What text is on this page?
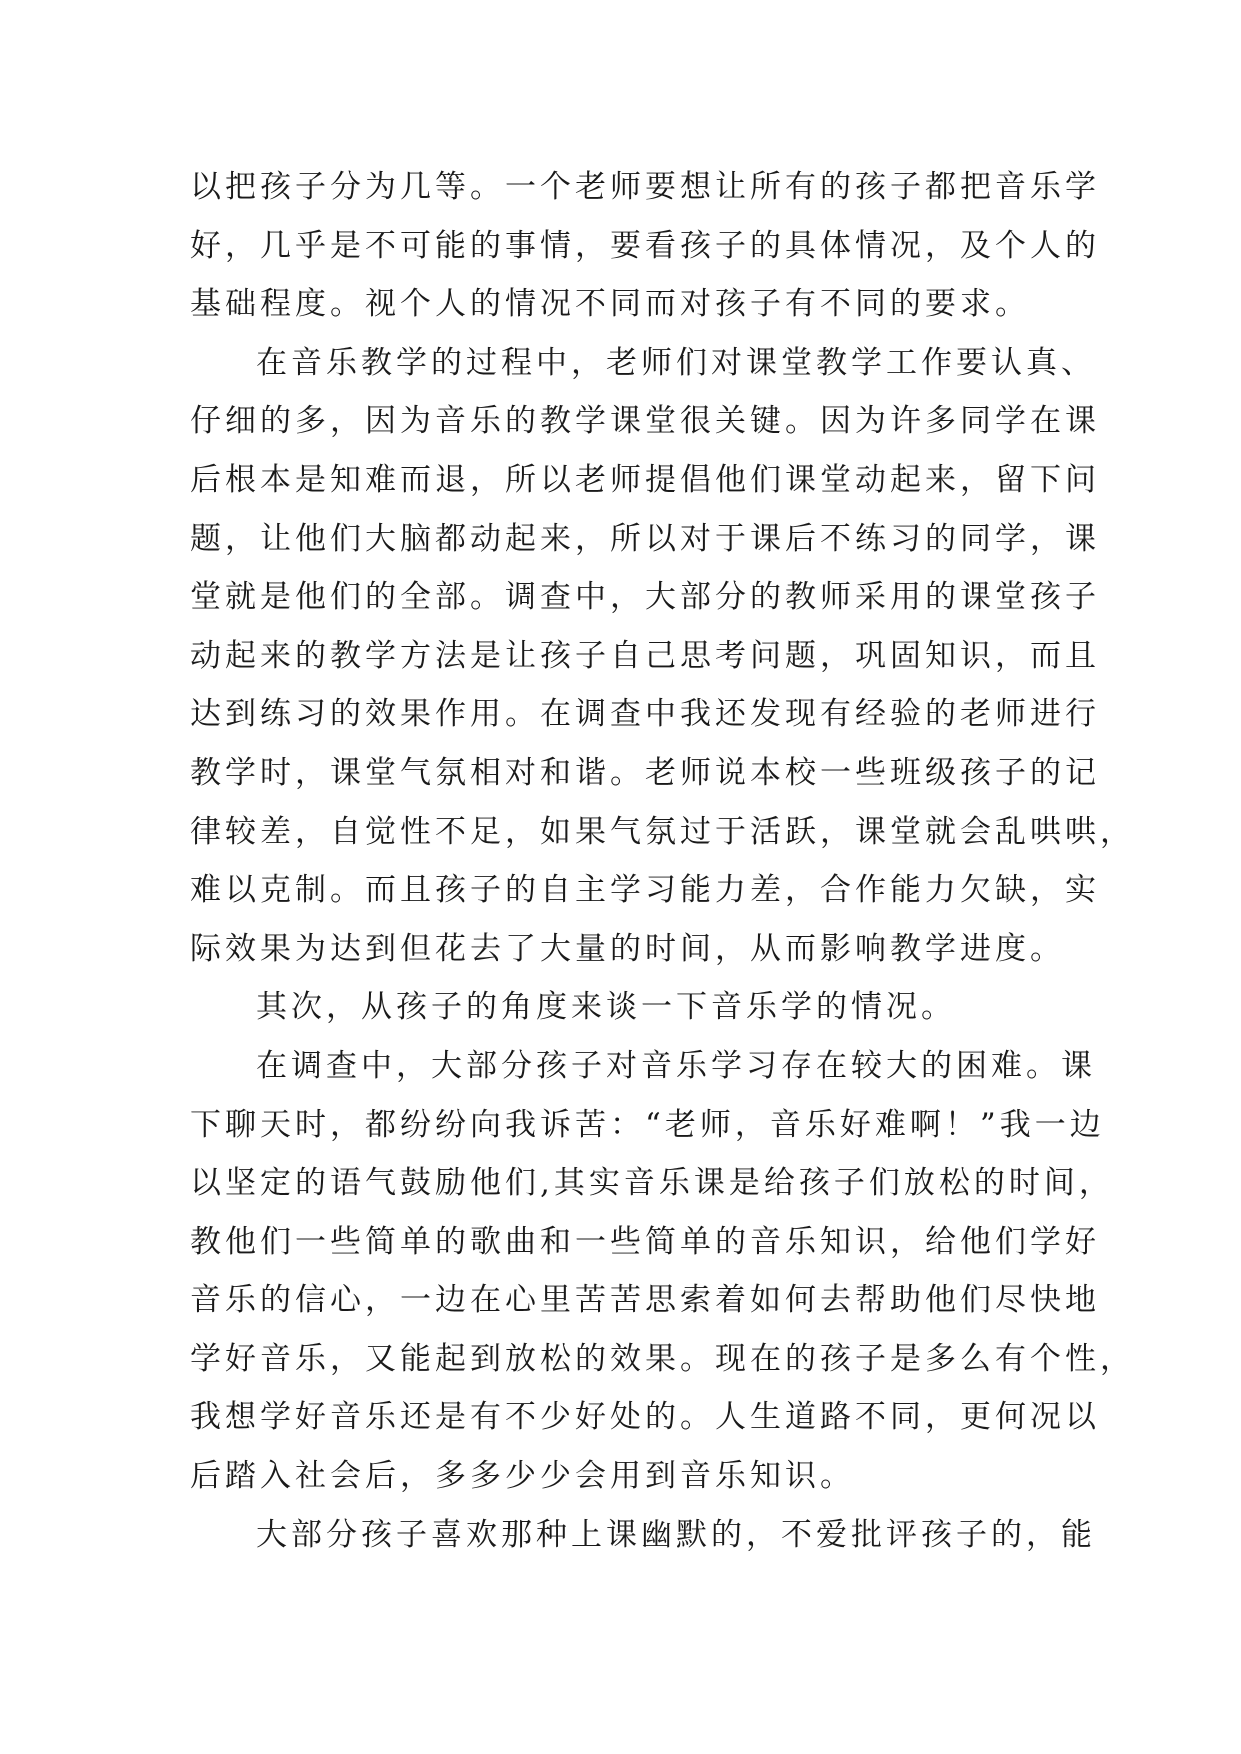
以把孩子分为几等。一个老师要想让所有的孩子都把音乐学
好，几乎是不可能的事情，要看孩子的具体情况，及个人的
基础程度。视个人的情况不同而对孩子有不同的要求。
在音乐教学的过程中，老师们对课堂教学工作要认真、
仔细的多，因为音乐的教学课堂很关键。因为许多同学在课
后根本是知难而退，所以老师提倡他们课堂动起来，留下问
题，让他们大脑都动起来，所以对于课后不练习的同学，课
堂就是他们的全部。调查中，大部分的教师采用的课堂孩子
动起来的教学方法是让孩子自己思考问题，巩固知识，而且
达到练习的效果作用。在调查中我还发现有经验的老师进行
教学时，课堂气氛相对和谐。老师说本校一些班级孩子的记
律较差，自觉性不足，如果气氛过于活跃，课堂就会乱哄哄，
难以克制。而且孩子的自主学习能力差，合作能力欠缺，实
际效果为达到但花去了大量的时间，从而影响教学进度。
其次，从孩子的角度来谈一下音乐学的情况。
在调查中，大部分孩子对音乐学习存在较大的困难。课
下聊天时，都纷纷向我诉苦：“老师，音乐好难啊！”我一边
以坚定的语气鼓励他们,其实音乐课是给孩子们放松的时间，
教他们一些简单的歌曲和一些简单的音乐知识，给他们学好
音乐的信心，一边在心里苦苦思索着如何去帮助他们尽快地
学好音乐，又能起到放松的效果。现在的孩子是多么有个性，
我想学好音乐还是有不少好处的。人生道路不同，更何况以
后踏入社会后，多多少少会用到音乐知识。
大部分孩子喜欢那种上课幽默的，不爱批评孩子的，能
